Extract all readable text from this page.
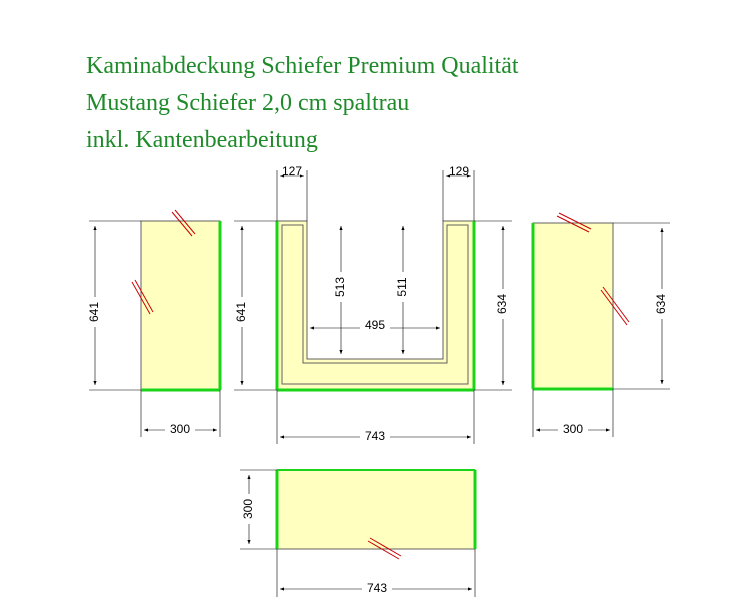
Kaminabdeckung Schiefer Premium Qualität
Mustang Schiefer 2,0 cm spaltrau
inkl. Kantenbearbeitung
641
300
127	129
641	634
513	511
495
743
634
300
300
743
